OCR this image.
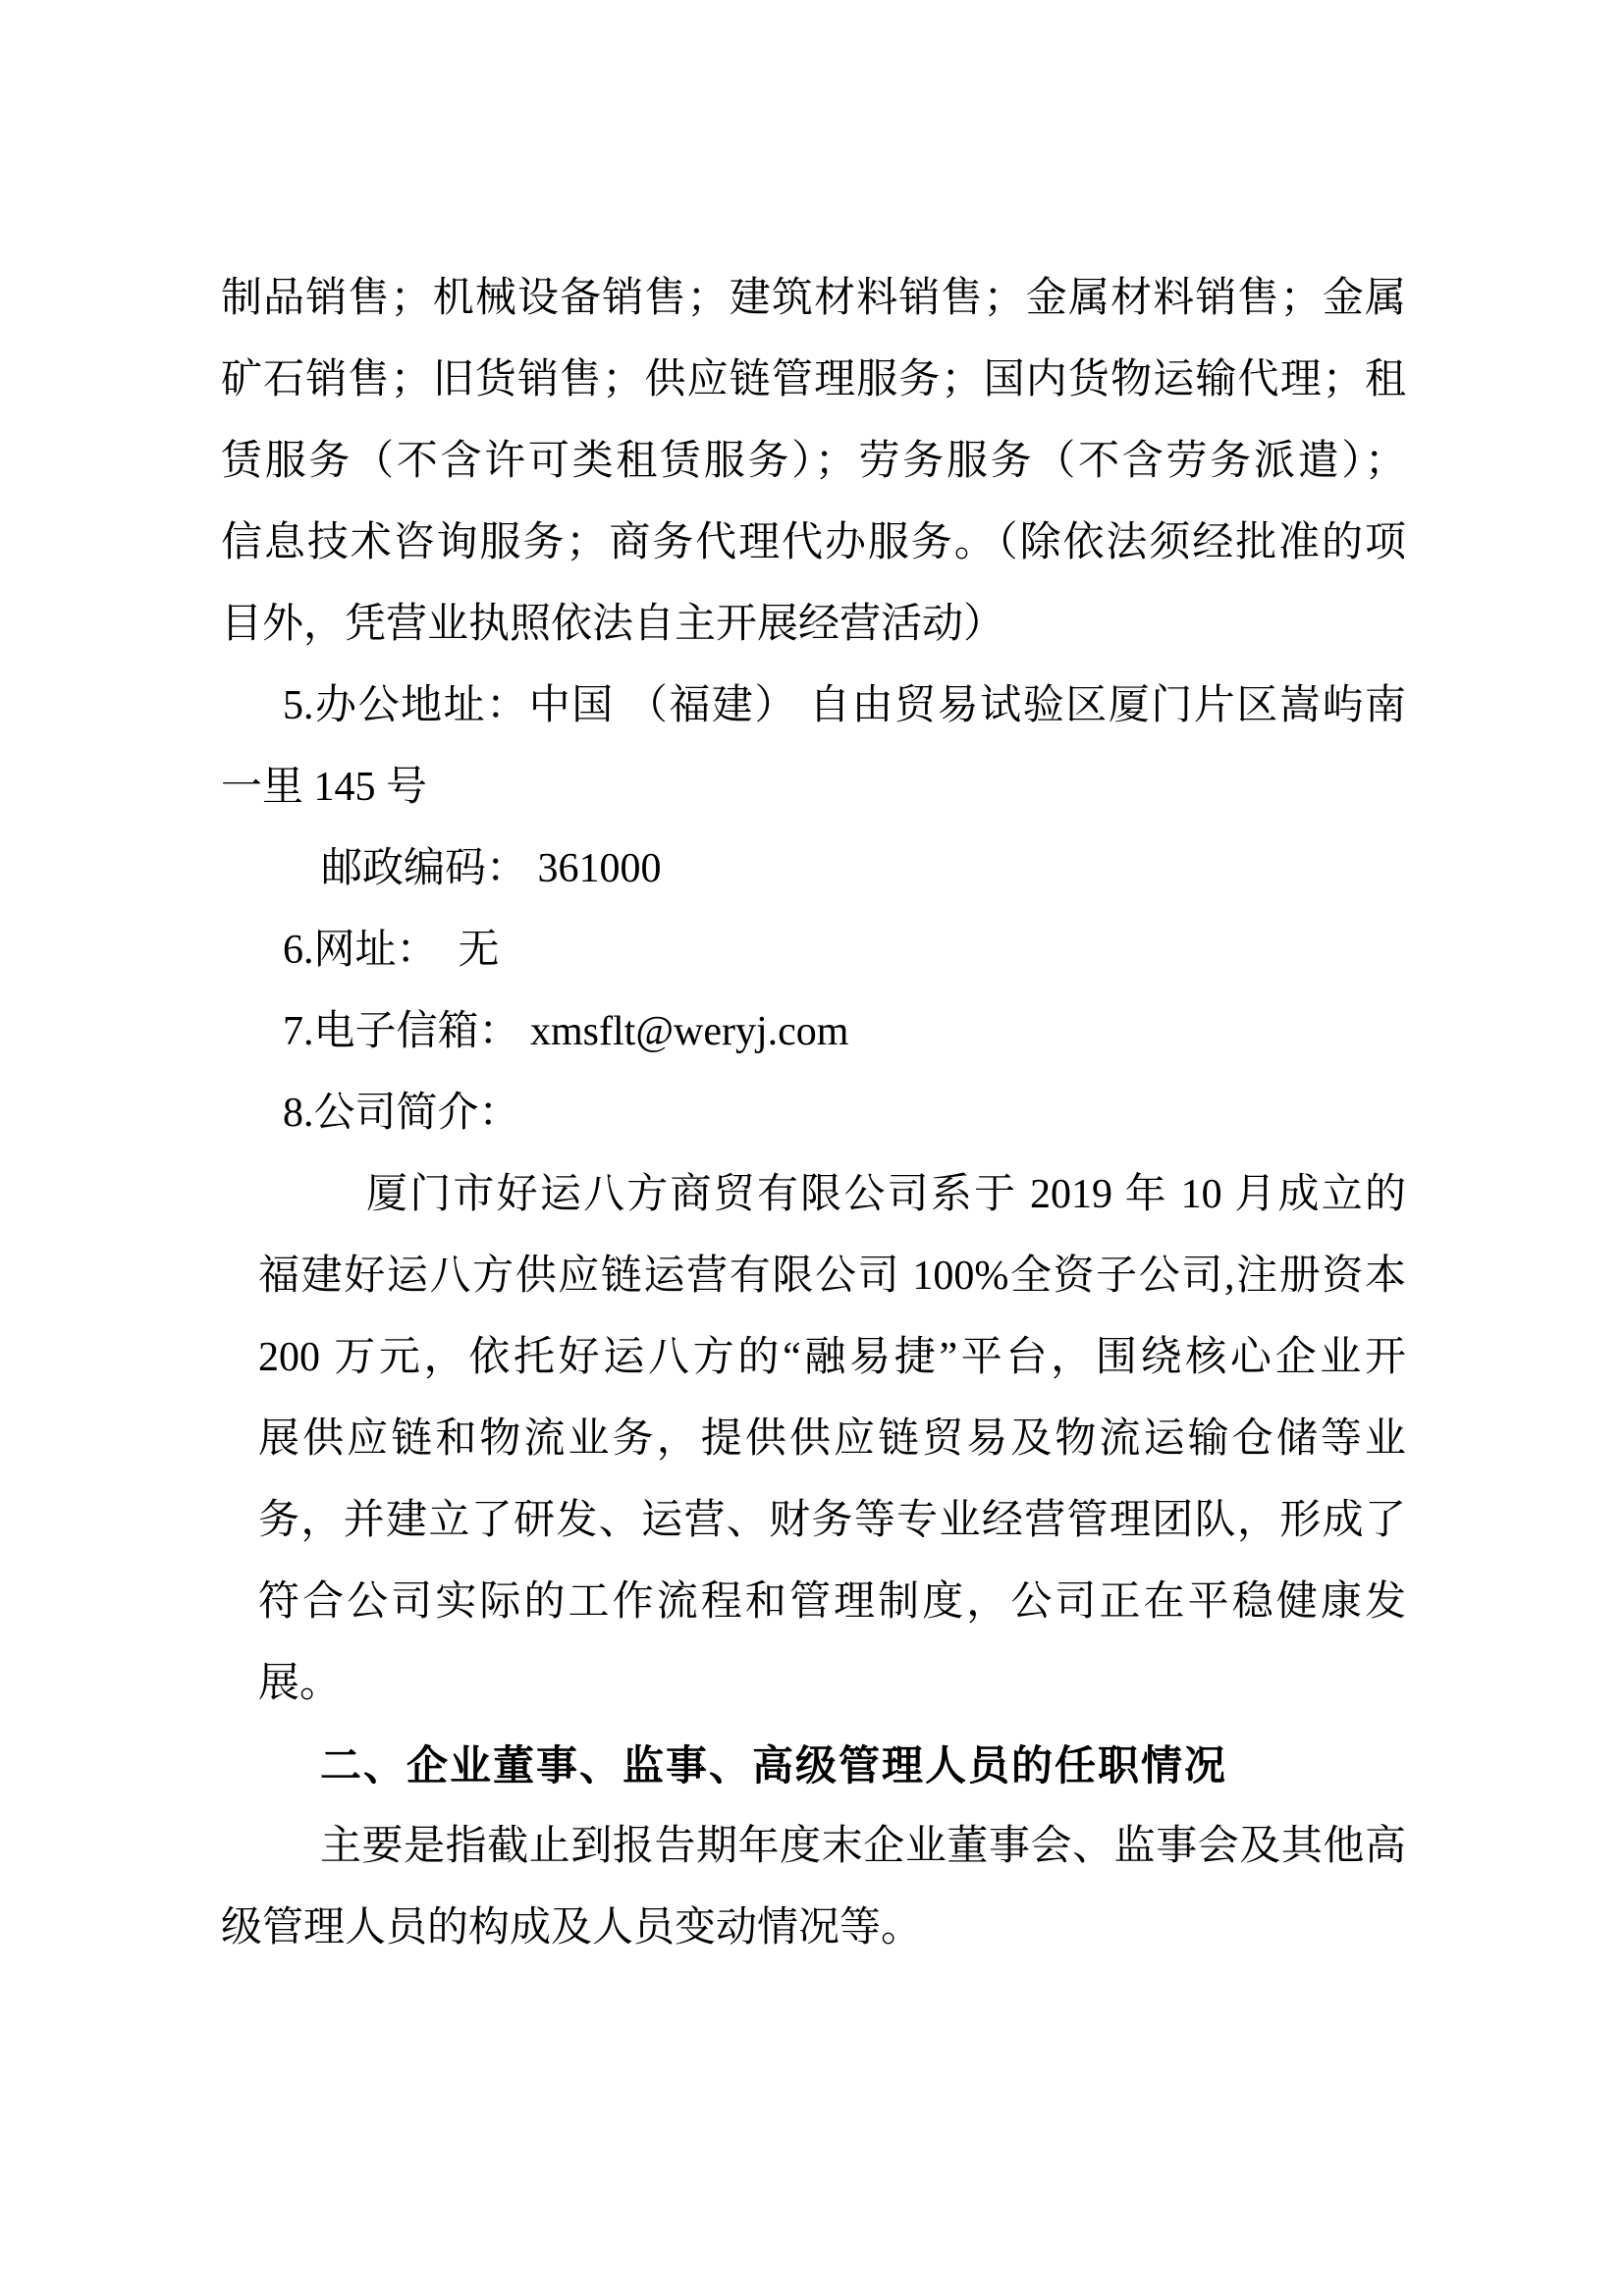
制品销售；机械设备销售；建筑材料销售；金属材料销售；金属
矿石销售；旧货销售；供应链管理服务；国内货物运输代理；租
赁服务（不含许可类租赁服务）；劳务服务（不含劳务派遣）；
信息技术咨询服务；商务代理代办服务。（除依法须经批准的项
目外，凭营业执照依法自主开展经营活动）
5.办公地址：中国 （福建） 自由贸易试验区厦门片区嵩屿南
一里 145 号
邮政编码： 361000
6.网址：　无
7.电子信箱： xmsflt@weryj.com
8.公司简介：
厦门市好运八方商贸有限公司系于 2019 年 10 月成立的
福建好运八方供应链运营有限公司 100%全资子公司,注册资本
200 万元，依托好运八方的“融易捷”平台，围绕核心企业开
展供应链和物流业务，提供供应链贸易及物流运输仓储等业
务，并建立了研发、运营、财务等专业经营管理团队，形成了
符合公司实际的工作流程和管理制度，公司正在平稳健康发
展。
二、企业董事、监事、高级管理人员的任职情况
主要是指截止到报告期年度末企业董事会、监事会及其他高
级管理人员的构成及人员变动情况等。
